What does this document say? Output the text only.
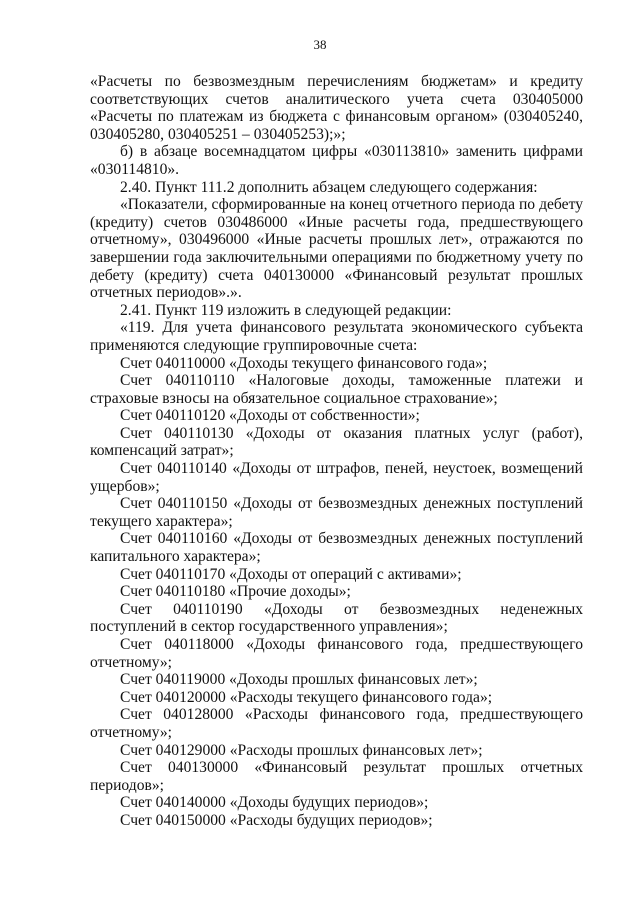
38

«Расчеты по безвозмездным перечислениям бюджетам» и кредиту соответствующих счетов аналитического учета счета 030405000 «Расчеты по платежам из бюджета с финансовым органом» (030405240, 030405280, 030405251 – 030405253);»;

б) в абзаце восемнадцатом цифры «030113810» заменить цифрами «030114810».

2.40. Пункт 111.2 дополнить абзацем следующего содержания:

«Показатели, сформированные на конец отчетного периода по дебету (кредиту) счетов 030486000 «Иные расчеты года, предшествующего отчетному», 030496000 «Иные расчеты прошлых лет», отражаются по завершении года заключительными операциями по бюджетному учету по дебету (кредиту) счета 040130000 «Финансовый результат прошлых отчетных периодов».».

2.41. Пункт 119 изложить в следующей редакции:

«119. Для учета финансового результата экономического субъекта применяются следующие группировочные счета:

Счет 040110000 «Доходы текущего финансового года»;

Счет 040110110 «Налоговые доходы, таможенные платежи и страховые взносы на обязательное социальное страхование»;

Счет 040110120 «Доходы от собственности»;

Счет 040110130 «Доходы от оказания платных услуг (работ), компенсаций затрат»;

Счет 040110140 «Доходы от штрафов, пеней, неустоек, возмещений ущербов»;

Счет 040110150 «Доходы от безвозмездных денежных поступлений текущего характера»;

Счет 040110160 «Доходы от безвозмездных денежных поступлений капитального характера»;

Счет 040110170 «Доходы от операций с активами»;

Счет 040110180 «Прочие доходы»;

Счет 040110190 «Доходы от безвозмездных неденежных поступлений в сектор государственного управления»;

Счет 040118000 «Доходы финансового года, предшествующего отчетному»;

Счет 040119000 «Доходы прошлых финансовых лет»;

Счет 040120000 «Расходы текущего финансового года»;

Счет 040128000 «Расходы финансового года, предшествующего отчетному»;

Счет 040129000 «Расходы прошлых финансовых лет»;

Счет 040130000 «Финансовый результат прошлых отчетных периодов»;

Счет 040140000 «Доходы будущих периодов»;

Счет 040150000 «Расходы будущих периодов»;
